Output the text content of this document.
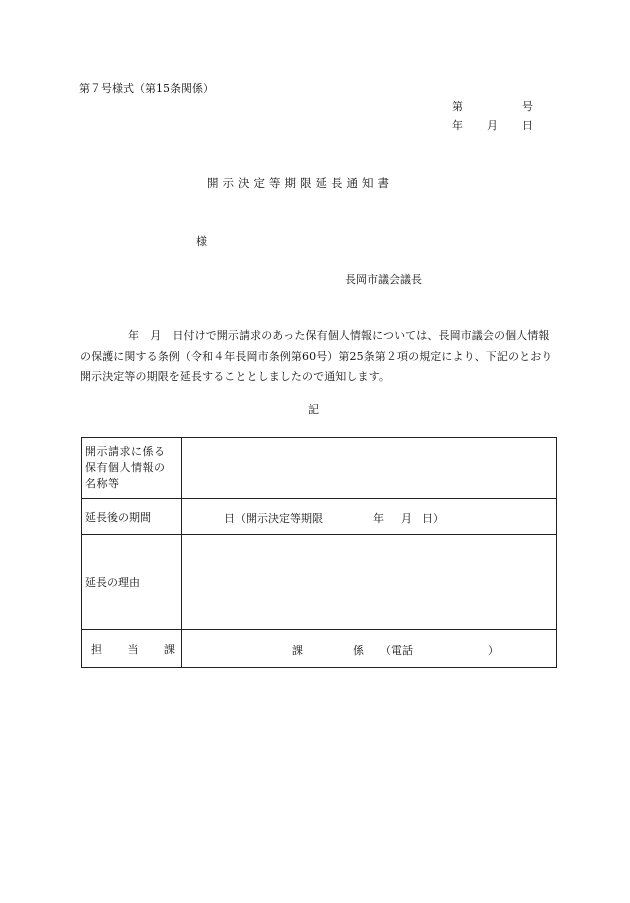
第７号様式（第15条関係）
第	号
年 月 日
開示決定等期限延長通知書
様
長岡市議会議長

年　月　日付けで開示請求のあった保有個人情報については、長岡市議会の個人情報の保護に関する条例（令和４年長岡市条例第60号）第25条第２項の規定により、下記のとおり開示決定等の期限を延長することとしましたので通知します。

記
開示請求に係る
保有個人情報の
名称等	

延長後の期間	日 （開示決定等期限 年 月 日）

延長の理由	

担 当 課	課 係 （電話 ）
